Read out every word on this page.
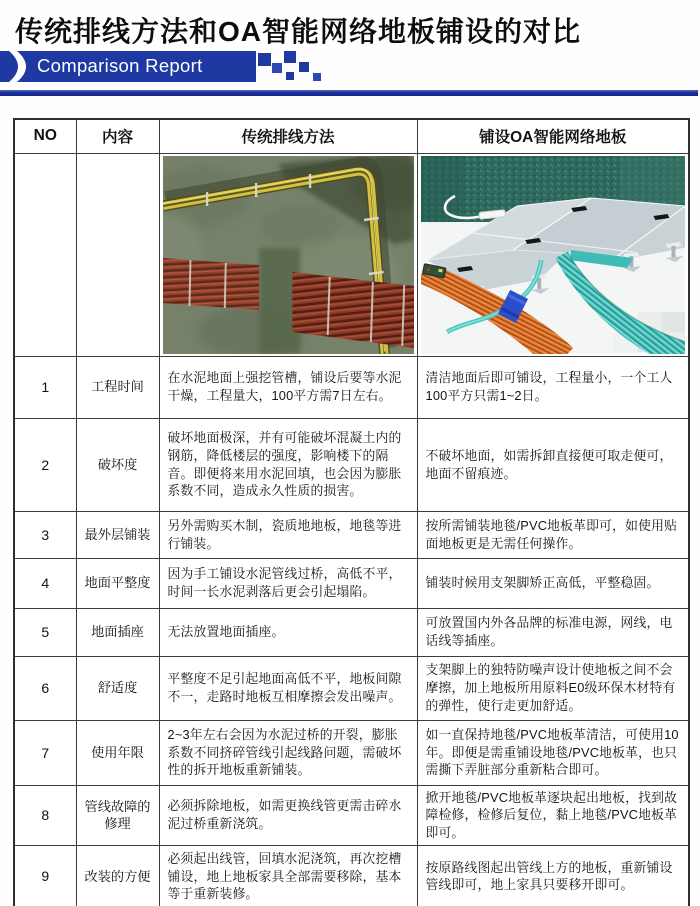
传统排线方法和OA智能网络地板铺设的对比
Comparison Report
NO	内容	传统排线方法	铺设OA智能网络地板

1	工程时间	在水泥地面上强挖管槽，铺设后要等水泥干燥，工程量大，100平方需7日左右。	清洁地面后即可铺设，工程量小，一个工人100平方只需1~2日。
2	破坏度	破坏地面极深，并有可能破坏混凝土内的钢筋，降低楼层的强度，影响楼下的隔音。即便将来用水泥回填，也会因为膨胀系数不同，造成永久性质的损害。	不破坏地面，如需拆卸直接便可取走便可，地面不留痕迹。
3	最外层铺装	另外需购买木制，瓷质地地板，地毯等进行铺装。	按所需铺装地毯/PVC地板革即可，如使用贴面地板更是无需任何操作。
4	地面平整度	因为手工铺设水泥管线过桥，高低不平，时间一长水泥剥落后更会引起塌陷。	铺装时候用支架脚矫正高低，平整稳固。
5	地面插座	无法放置地面插座。	可放置国内外各品牌的标准电源，网线，电话线等插座。
6	舒适度	平整度不足引起地面高低不平，地板间隙不一，走路时地板互相摩擦会发出噪声。	支架脚上的独特防噪声设计使地板之间不会摩擦，加上地板所用原料E0级环保木材特有的弹性，使行走更加舒适。
7	使用年限	2~3年左右会因为水泥过桥的开裂，膨胀系数不同挤碎管线引起线路问题，需破坏性的拆开地板重新铺装。	如一直保持地毯/PVC地板革清洁，可使用10年。即便是需重铺设地毯/PVC地板革，也只需撕下弄脏部分重新粘合即可。
8	管线故障的修理	必须拆除地板，如需更换线管更需击碎水泥过桥重新浇筑。	掀开地毯/PVC地板革逐块起出地板，找到故障检修，检修后复位，黏上地毯/PVC地板革即可。
9	改装的方便	必须起出线管，回填水泥浇筑，再次挖槽铺设，地上地板家具全部需要移除，基本等于重新装修。	按原路线图起出管线上方的地板，重新铺设管线即可，地上家具只要移开即可。
